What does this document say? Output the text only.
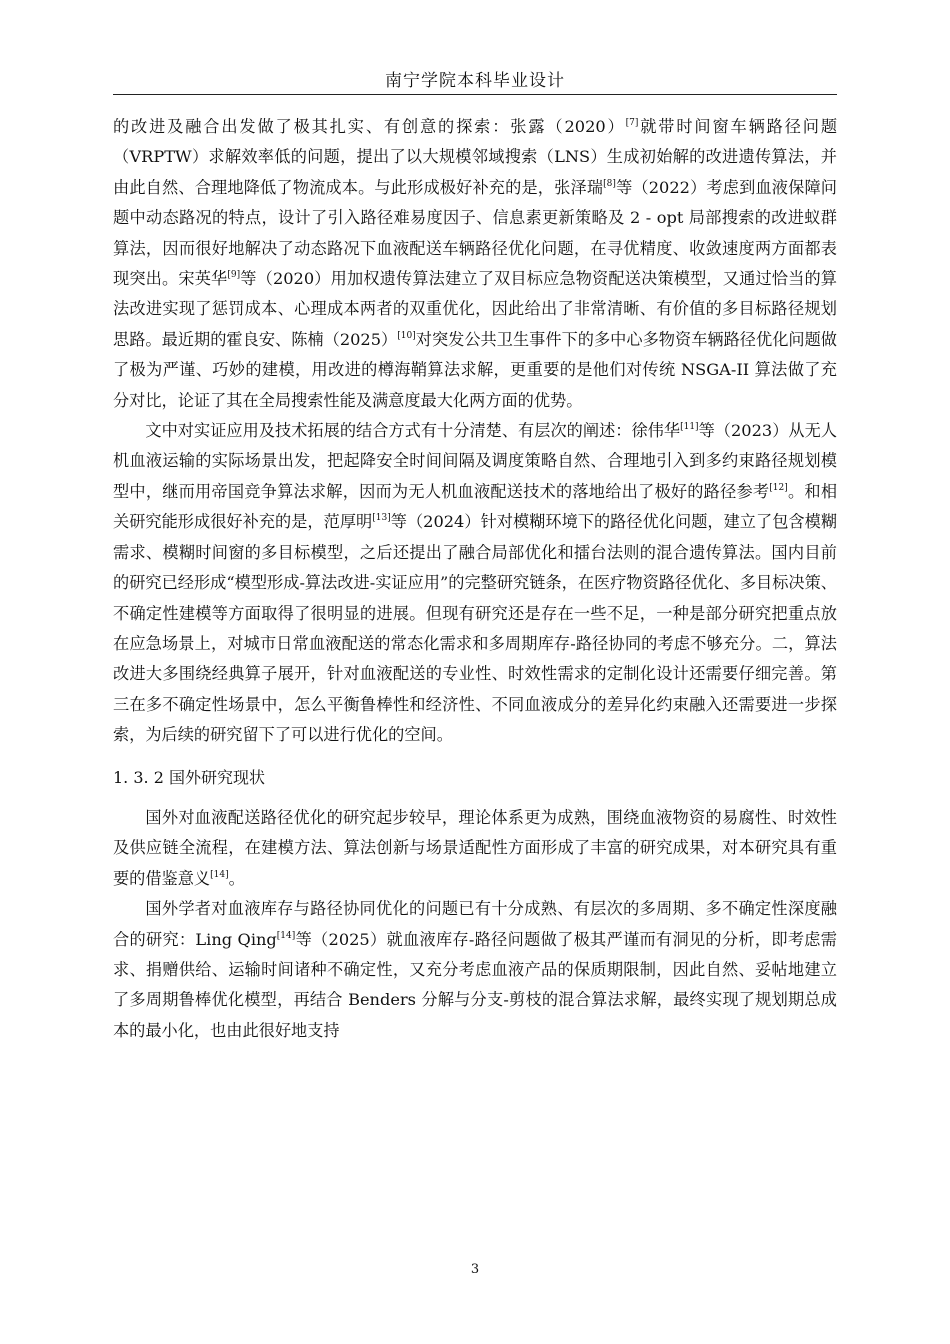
南宁学院本科毕业设计

的改进及融合出发做了极其扎实、有创意的探索：张露（2020）[7]就带时间窗车辆路径问题（VRPTW）求解效率低的问题，提出了以大规模邻域搜索（LNS）生成初始解的改进遗传算法，并由此自然、合理地降低了物流成本。与此形成极好补充的是，张泽瑞[8]等（2022）考虑到血液保障问题中动态路况的特点，设计了引入路径难易度因子、信息素更新策略及 2 - opt 局部搜索的改进蚁群算法，因而很好地解决了动态路况下血液配送车辆路径优化问题，在寻优精度、收敛速度两方面都表现突出。宋英华[9]等（2020）用加权遗传算法建立了双目标应急物资配送决策模型，又通过恰当的算法改进实现了惩罚成本、心理成本两者的双重优化，因此给出了非常清晰、有价值的多目标路径规划思路。最近期的霍良安、陈楠（2025）[10]对突发公共卫生事件下的多中心多物资车辆路径优化问题做了极为严谨、巧妙的建模，用改进的樽海鞘算法求解，更重要的是他们对传统 NSGA-II 算法做了充分对比，论证了其在全局搜索性能及满意度最大化两方面的优势。

文中对实证应用及技术拓展的结合方式有十分清楚、有层次的阐述：徐伟华[11]等（2023）从无人机血液运输的实际场景出发，把起降安全时间间隔及调度策略自然、合理地引入到多约束路径规划模型中，继而用帝国竞争算法求解，因而为无人机血液配送技术的落地给出了极好的路径参考[12]。和相关研究能形成很好补充的是，范厚明[13]等（2024）针对模糊环境下的路径优化问题，建立了包含模糊需求、模糊时间窗的多目标模型，之后还提出了融合局部优化和擂台法则的混合遗传算法。国内目前的研究已经形成“模型形成-算法改进-实证应用”的完整研究链条，在医疗物资路径优化、多目标决策、不确定性建模等方面取得了很明显的进展。但现有研究还是存在一些不足，一种是部分研究把重点放在应急场景上，对城市日常血液配送的常态化需求和多周期库存-路径协同的考虑不够充分。二，算法改进大多围绕经典算子展开，针对血液配送的专业性、时效性需求的定制化设计还需要仔细完善。第三在多不确定性场景中，怎么平衡鲁棒性和经济性、不同血液成分的差异化约束融入还需要进一步探索，为后续的研究留下了可以进行优化的空间。

1. 3. 2 国外研究现状

国外对血液配送路径优化的研究起步较早，理论体系更为成熟，围绕血液物资的易腐性、时效性及供应链全流程，在建模方法、算法创新与场景适配性方面形成了丰富的研究成果，对本研究具有重要的借鉴意义[14]。

国外学者对血液库存与路径协同优化的问题已有十分成熟、有层次的多周期、多不确定性深度融合的研究：Ling Qing[14]等（2025）就血液库存-路径问题做了极其严谨而有洞见的分析，即考虑需求、捐赠供给、运输时间诸种不确定性，又充分考虑血液产品的保质期限制，因此自然、妥帖地建立了多周期鲁棒优化模型，再结合 Benders 分解与分支-剪枝的混合算法求解，最终实现了规划期总成本的最小化，也由此很好地支持

3
